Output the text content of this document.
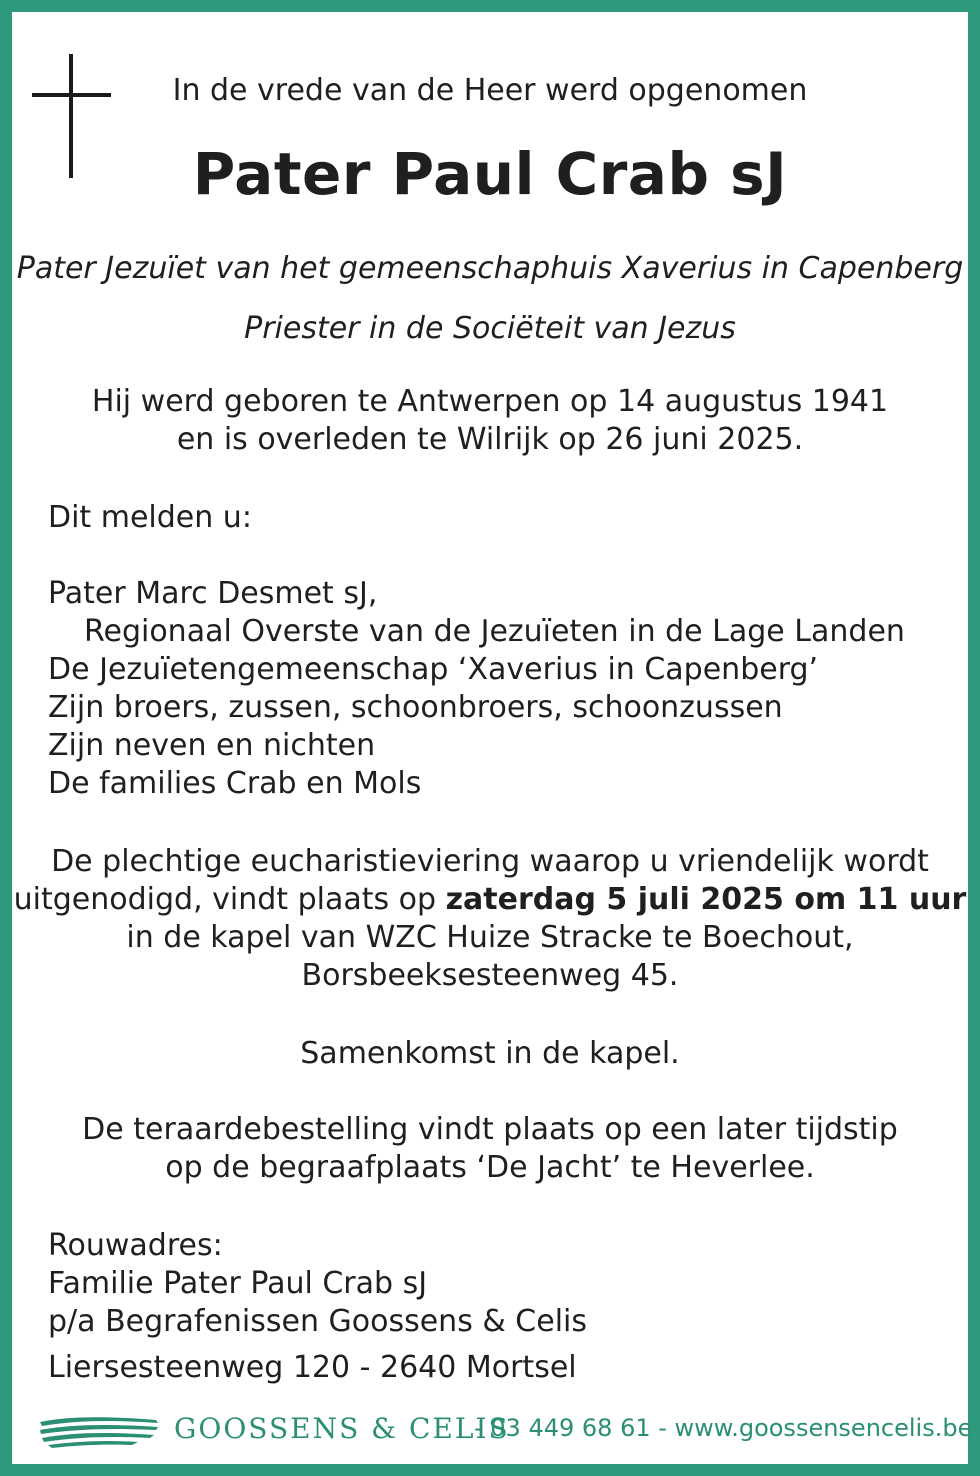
In de vrede van de Heer werd opgenomen
Pater Paul Crab sJ
Pater Jezuïet van het gemeenschaphuis Xaverius in Capenberg
Priester in de Sociëteit van Jezus
Hij werd geboren te Antwerpen op 14 augustus 1941
en is overleden te Wilrijk op 26 juni 2025.
Dit melden u:
Pater Marc Desmet sJ,
Regionaal Overste van de Jezuïeten in de Lage Landen
De Jezuïetengemeenschap ‘Xaverius in Capenberg’
Zijn broers, zussen, schoonbroers, schoonzussen
Zijn neven en nichten
De families Crab en Mols
De plechtige eucharistieviering waarop u vriendelijk wordt
uitgenodigd, vindt plaats op zaterdag 5 juli 2025 om 11 uur
in de kapel van WZC Huize Stracke te Boechout,
Borsbeeksesteenweg 45.
Samenkomst in de kapel.
De teraardebestelling vindt plaats op een later tijdstip
op de begraafplaats ‘De Jacht’ te Heverlee.
Rouwadres:
Familie Pater Paul Crab sJ
p/a Begrafenissen Goossens & Celis
Liersesteenweg 120 - 2640 Mortsel
GOOSSENS & CELIS
- 03 449 68 61 - www.goossensencelis.be
